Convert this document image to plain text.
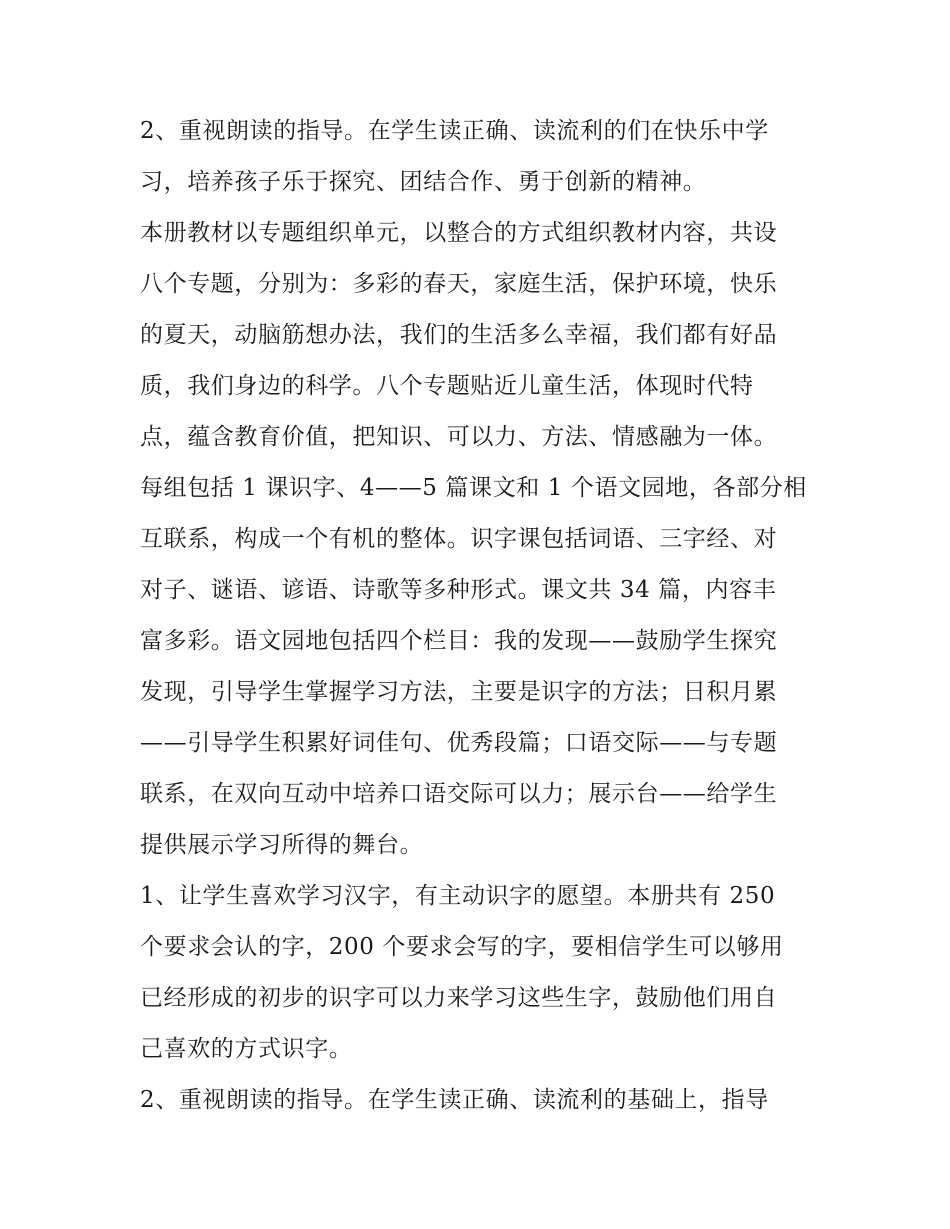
2、重视朗读的指导。在学生读正确、读流利的们在快乐中学
习，培养孩子乐于探究、团结合作、勇于创新的精神。
本册教材以专题组织单元，以整合的方式组织教材内容，共设
八个专题，分别为：多彩的春天，家庭生活，保护环境，快乐
的夏天，动脑筋想办法，我们的生活多么幸福，我们都有好品
质，我们身边的科学。八个专题贴近儿童生活，体现时代特
点，蕴含教育价值，把知识、可以力、方法、情感融为一体。
每组包括 1 课识字、4——5 篇课文和 1 个语文园地，各部分相
互联系，构成一个有机的整体。识字课包括词语、三字经、对
对子、谜语、谚语、诗歌等多种形式。课文共 34 篇，内容丰
富多彩。语文园地包括四个栏目：我的发现——鼓励学生探究
发现，引导学生掌握学习方法，主要是识字的方法；日积月累
——引导学生积累好词佳句、优秀段篇；口语交际——与专题
联系，在双向互动中培养口语交际可以力；展示台——给学生
提供展示学习所得的舞台。
1、让学生喜欢学习汉字，有主动识字的愿望。本册共有 250
个要求会认的字，200 个要求会写的字，要相信学生可以够用
已经形成的初步的识字可以力来学习这些生字，鼓励他们用自
己喜欢的方式识字。
2、重视朗读的指导。在学生读正确、读流利的基础上，指导
